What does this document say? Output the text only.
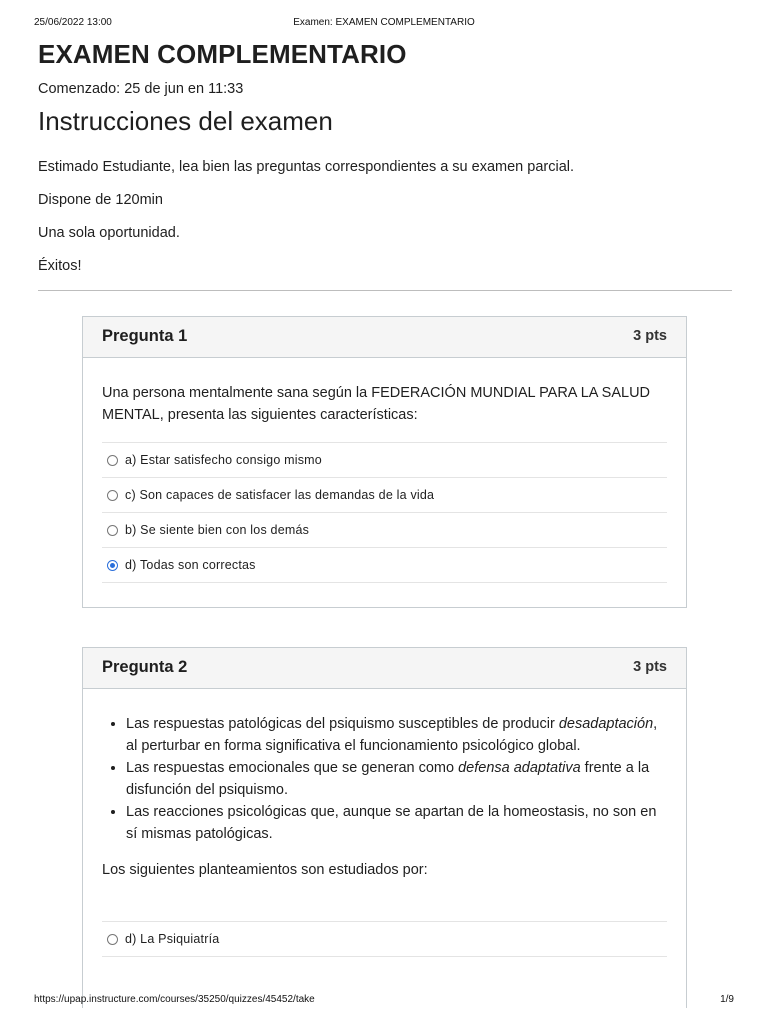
25/06/2022 13:00	Examen: EXAMEN COMPLEMENTARIO
EXAMEN COMPLEMENTARIO
Comenzado: 25 de jun en 11:33
Instrucciones del examen

Estimado Estudiante, lea bien las preguntas correspondientes a su examen parcial.

Dispone de 120min

Una sola oportunidad.

Éxitos!

Pregunta 1	3 pts

Una persona mentalmente sana según la FEDERACIÓN MUNDIAL PARA LA SALUD MENTAL, presenta las siguientes características:

a) Estar satisfecho consigo mismo
c) Son capaces de satisfacer las demandas de la vida
b) Se siente bien con los demás
d) Todas son correctas
Pregunta 2	3 pts
• Las respuestas patológicas del psiquismo susceptibles de producir desadaptación, al perturbar en forma significativa el funcionamiento psicológico global.
• Las respuestas emocionales que se generan como defensa adaptativa frente a la disfunción del psiquismo.
• Las reacciones psicológicas que, aunque se apartan de la homeostasis, no son en sí mismas patológicas.

Los siguientes planteamientos son estudiados por:

d) La Psiquiatría
https://upap.instructure.com/courses/35250/quizzes/45452/take	1/9
